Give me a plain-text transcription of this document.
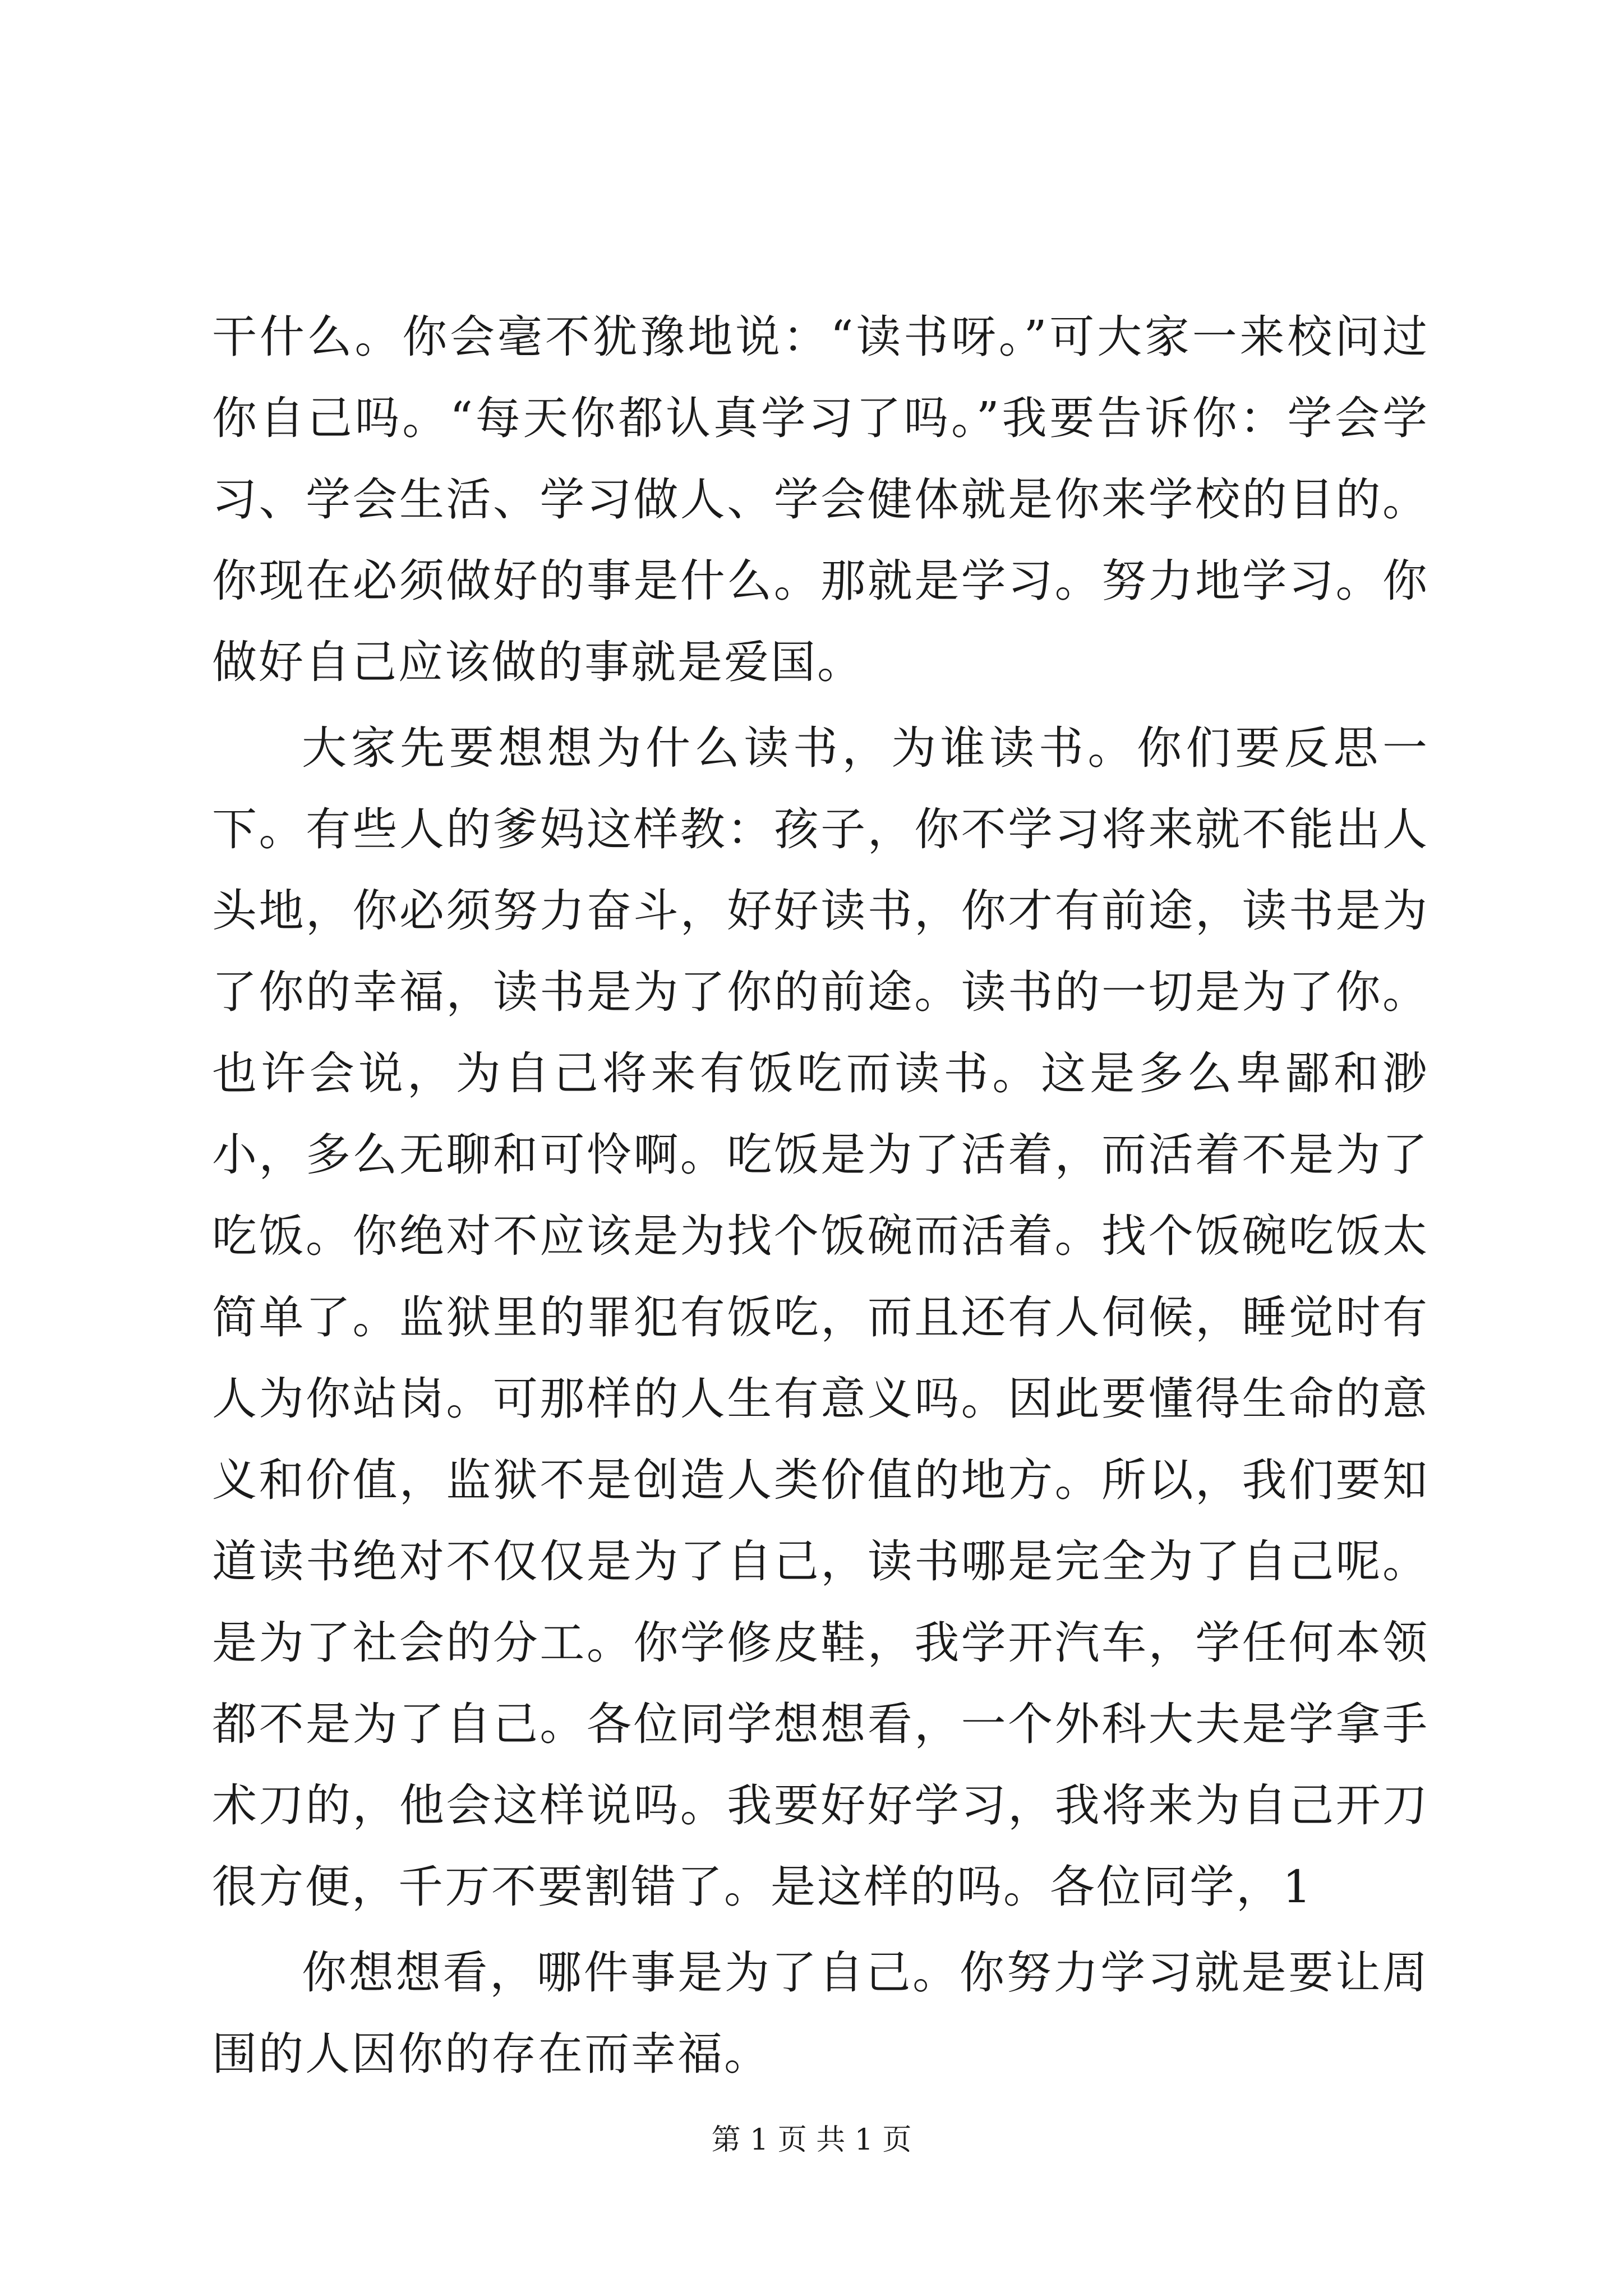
干什么。你会毫不犹豫地说：“读书呀。”可大家一来校问过你自己吗。“每天你都认真学习了吗。”我要告诉你：学会学习、学会生活、学习做人、学会健体就是你来学校的目的。你现在必须做好的事是什么。那就是学习。努力地学习。你做好自己应该做的事就是爱国。

大家先要想想为什么读书，为谁读书。你们要反思一下。有些人的爹妈这样教：孩子，你不学习将来就不能出人头地，你必须努力奋斗，好好读书，你才有前途，读书是为了你的幸福，读书是为了你的前途。读书的一切是为了你。也许会说，为自己将来有饭吃而读书。这是多么卑鄙和渺小，多么无聊和可怜啊。吃饭是为了活着，而活着不是为了吃饭。你绝对不应该是为找个饭碗而活着。找个饭碗吃饭太简单了。监狱里的罪犯有饭吃，而且还有人伺候，睡觉时有人为你站岗。可那样的人生有意义吗。因此要懂得生命的意义和价值，监狱不是创造人类价值的地方。所以，我们要知道读书绝对不仅仅是为了自己，读书哪是完全为了自己呢。是为了社会的分工。你学修皮鞋，我学开汽车，学任何本领都不是为了自己。各位同学想想看，一个外科大夫是学拿手术刀的，他会这样说吗。我要好好学习，我将来为自己开刀很方便，千万不要割错了。是这样的吗。各位同学，1

你想想看，哪件事是为了自己。你努力学习就是要让周围的人因你的存在而幸福。

第 1 页 共 1 页
